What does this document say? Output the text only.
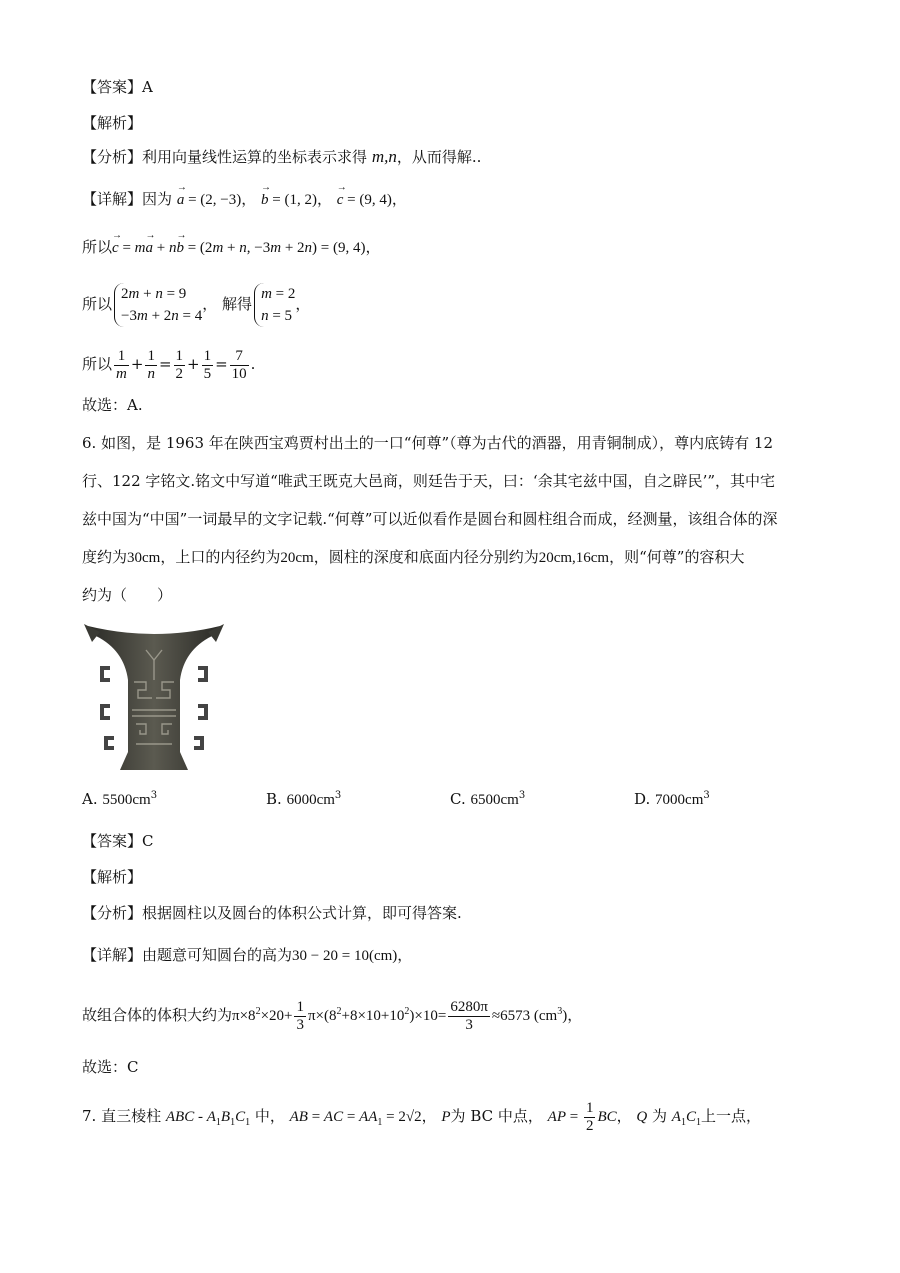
【答案】A
【解析】
【分析】利用向量线性运算的坐标表示求得 m,n，从而得解..
【详解】因为 → a = (2, −3)， → b = (1, 2)， → c = (9, 4)，
所以→ c = m→ a + n→ b = (2m + n, −3m + 2n) = (9, 4)，
所以
2m + n = 9
−3m + 2n = 4
， 解得
m = 2
n = 5
，
所以 $\frac{1}{m} + \frac{1}{n} = \frac{1}{2} + \frac{1}{5} = \frac{7}{10}$ .
故选：A.
6. 如图，是 1963 年在陕西宝鸡贾村出土的一口“何尊”（尊为古代的酒器，用青铜制成），尊内底铸有 12
行、122 字铭文.铭文中写道“唯武王既克大邑商，则廷告于天，曰：‘余其宅兹中国，自之辟民’”，其中宅
兹中国为“中国”一词最早的文字记载.“何尊”可以近似看作是圆台和圆柱组合而成，经测量，该组合体的深
度约为30cm，上口的内径约为20cm，圆柱的深度和底面内径分别约为20cm,16cm，则“何尊”的容积大
约为（　　）
A. $5500cm^3$	B. $6000cm^3$	C. $6500cm^3$	D. $7000cm^3$
【答案】C
【解析】
【分析】根据圆柱以及圆台的体积公式计算，即可得答案.
【详解】由题意可知圆台的高为30 − 20 = 10(cm)，
故组合体的体积大约为$\pi\times 8^2\times 20+ \frac{1}{3} \pi\times(8^2+8\times 10+10^2)\times 10= \frac{6280\pi}{3} \approx 6573$ $(cm^3)$，
故选：C
7. 直三棱柱 ABC - $A_1B_1C_1$ 中， AB = AC = $AA_1 = 2√2$， P为 BC 中点， AP = $\frac{1}{2}$ BC， Q 为 $A_1C_1$上一点，
